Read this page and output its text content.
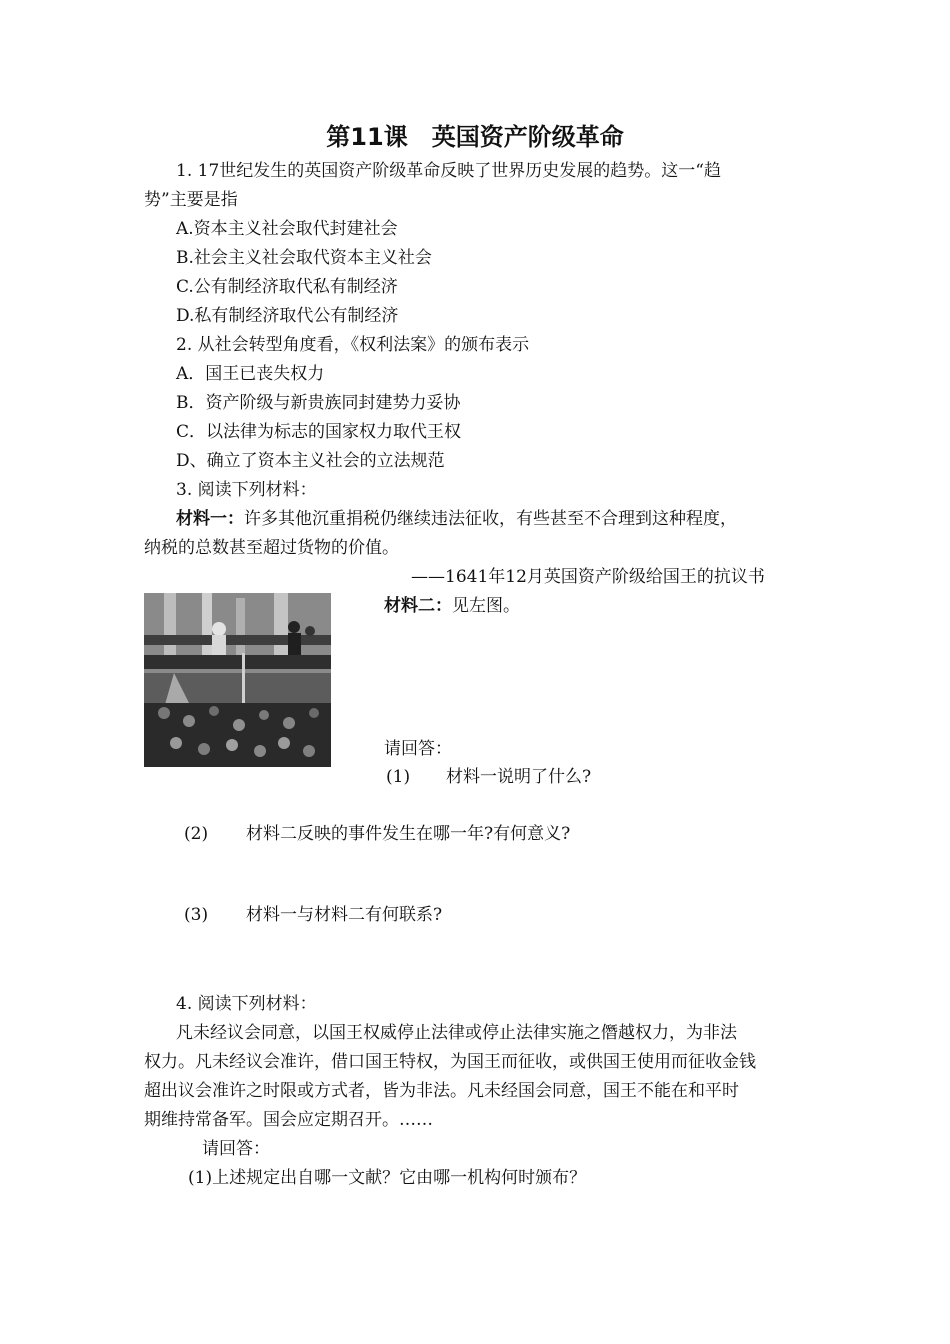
第11课　英国资产阶级革命
1. 17世纪发生的英国资产阶级革命反映了世界历史发展的趋势。这一“趋
势”主要是指
A.资本主义社会取代封建社会
B.社会主义社会取代资本主义社会
C.公有制经济取代私有制经济
D.私有制经济取代公有制经济
2. 从社会转型角度看，《权利法案》的颁布表示
A．国王已丧失权力
B．资产阶级与新贵族同封建势力妥协
C．以法律为标志的国家权力取代王权
D、确立了资本主义社会的立法规范
3. 阅读下列材料：
材料一：许多其他沉重捐税仍继续违法征收，有些甚至不合理到这种程度，
纳税的总数甚至超过货物的价值。
——1641年12月英国资产阶级给国王的抗议书
材料二：见左图。
请回答：
(1) 材料一说明了什么?
(2) 材料二反映的事件发生在哪一年?有何意义?
(3) 材料一与材料二有何联系?
4. 阅读下列材料：
凡未经议会同意，以国王权威停止法律或停止法律实施之僭越权力，为非法
权力。凡未经议会准许，借口国王特权，为国王而征收，或供国王使用而征收金钱
超出议会准许之时限或方式者，皆为非法。凡未经国会同意，国王不能在和平时
期维持常备军。国会应定期召开。……
请回答：
(1)上述规定出自哪一文献？它由哪一机构何时颁布？
